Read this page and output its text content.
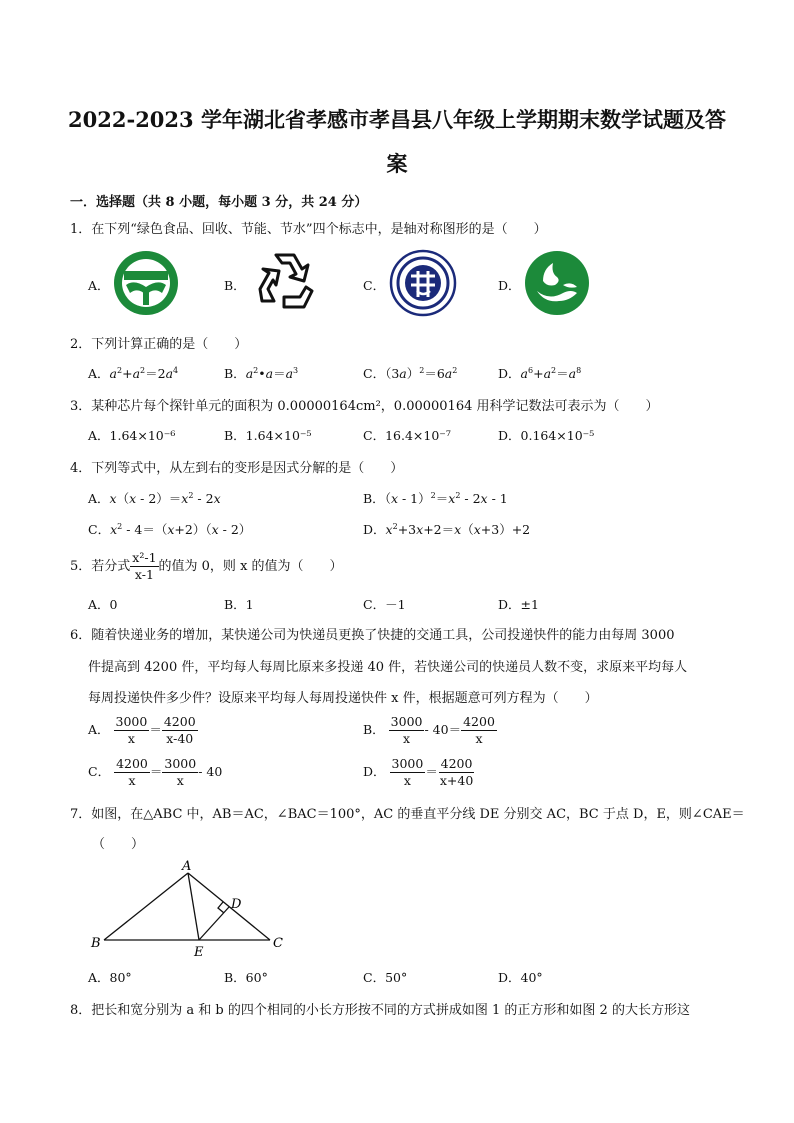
2022-2023 学年湖北省孝感市孝昌县八年级上学期期末数学试题及答
案
一．选择题（共 8 小题，每小题 3 分，共 24 分）
1．在下列“绿色食品、回收、节能、节水”四个标志中，是轴对称图形的是（　　）
A．	B．	C．	D．
2．下列计算正确的是（　　）
A．$a^2+a^2=2a^4$	B．$a^2•a=a^3$	C．$(3a)^2=6a^2$	D．$a^6+a^2=a^8$
3．某种芯片每个探针单元的面积为 0.00000164cm²，0.00000164 用科学记数法可表示为（　　）
A．1.64×10⁻⁶	B．1.64×10⁻⁵	C．16.4×10⁻⁷	D．0.164×10⁻⁵
4．下列等式中，从左到右的变形是因式分解的是（　　）
A．$x(x - 2)=x^2 - 2x$	B．$(x - 1)^2=x^2 - 2x - 1$
C．$x^2 - 4=(x+2)(x - 2)$	D．$x^2+3x+2=x(x+3)+2$
5．若分式 $\frac{\text{x²-1}}{x-1}$ 的值为 0，则 x 的值为（　　）
A．0	B．1	C．－1	D．±1
6．随着快递业务的增加，某快递公司为快递员更换了快捷的交通工具，公司投递快件的能力由每周 3000
件提高到 4200 件，平均每人每周比原来多投递 40 件，若快递公司的快递员人数不变，求原来平均每人
每周投递快件多少件？设原来平均每人每周投递快件 x 件，根据题意可列方程为（　　）
A． $\frac{3000}{x} = \frac{4200}{x-40}$	B． $\frac{3000}{x} - 40= \frac{4200}{x}$
C． $\frac{4200}{x} = \frac{3000}{x} - 40$	D． $\frac{3000}{x} = \frac{4200}{x+40}$
7．如图，在△ABC 中，AB＝AC，∠BAC＝100°，AC 的垂直平分线 DE 分别交 AC，BC 于点 D，E，则∠CAE＝
（　　）
A
B	C
D
E
A．80°	B．60°	C．50°	D．40°
8．把长和宽分别为 a 和 b 的四个相同的小长方形按不同的方式拼成如图 1 的正方形和如图 2 的大长方形这
